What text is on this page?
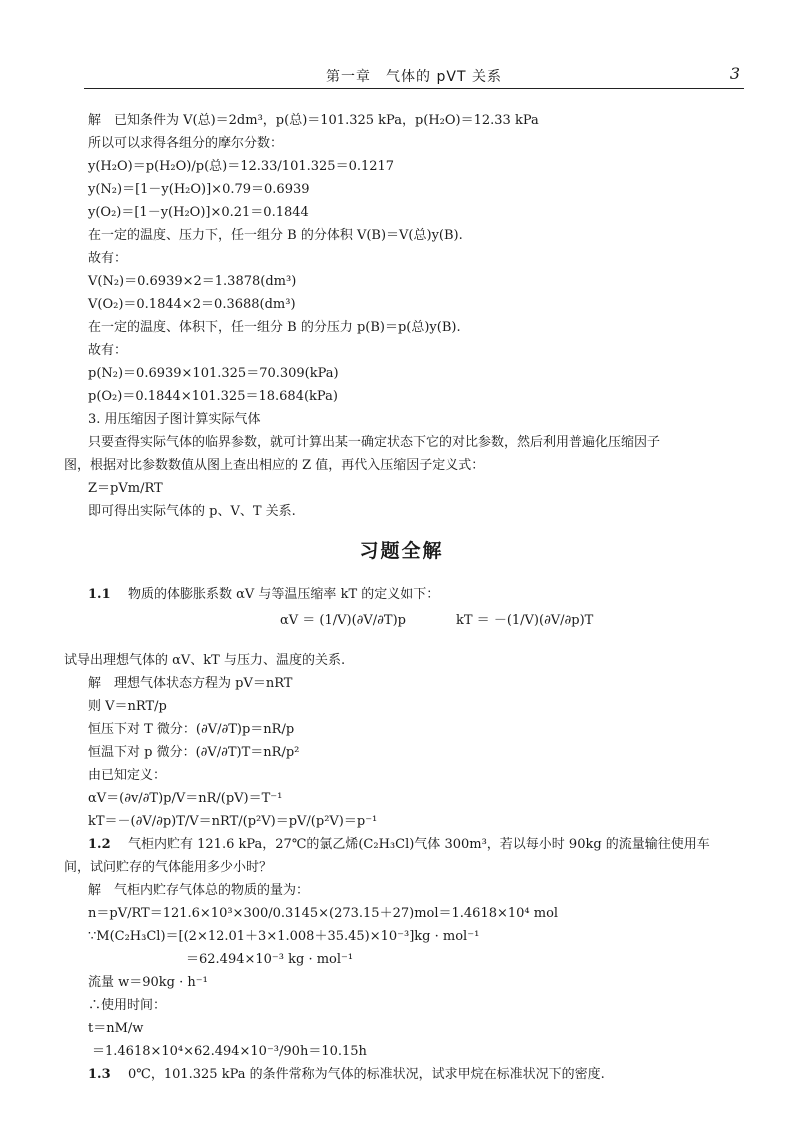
第一章　气体的 pVT 关系	3
解　已知条件为 V(总)＝2dm³，p(总)＝101.325 kPa，p(H₂O)＝12.33 kPa
所以可以求得各组分的摩尔分数：
y(H₂O)＝p(H₂O)/p(总)＝12.33/101.325＝0.1217
y(N₂)＝[1－y(H₂O)]×0.79＝0.6939
y(O₂)＝[1－y(H₂O)]×0.21＝0.1844
在一定的温度、压力下，任一组分 B 的分体积 V(B)＝V(总)y(B).
故有：
V(N₂)＝0.6939×2＝1.3878(dm³)
V(O₂)＝0.1844×2＝0.3688(dm³)
在一定的温度、体积下，任一组分 B 的分压力 p(B)＝p(总)y(B).
故有：
p(N₂)＝0.6939×101.325＝70.309(kPa)
p(O₂)＝0.1844×101.325＝18.684(kPa)
3. 用压缩因子图计算实际气体
只要查得实际气体的临界参数，就可计算出某一确定状态下它的对比参数，然后利用普遍化压缩因子
图，根据对比参数数值从图上查出相应的 Z 值，再代入压缩因子定义式：
Z＝pVm/RT
即可得出实际气体的 p、V、T 关系.
习题全解
1.1 物质的体膨胀系数 αV 与等温压缩率 kT 的定义如下：
αV ＝ (1/V)(∂V/∂T)p	kT ＝ －(1/V)(∂V/∂p)T
试导出理想气体的 αV、kT 与压力、温度的关系.
解　理想气体状态方程为 pV＝nRT
则 V＝nRT/p
恒压下对 T 微分：(∂V/∂T)p＝nR/p
恒温下对 p 微分：(∂V/∂T)T＝nR/p²
由已知定义：
αV＝(∂v/∂T)p/V＝nR/(pV)＝T⁻¹
kT＝－(∂V/∂p)T/V＝nRT/(p²V)＝pV/(p²V)＝p⁻¹
1.2 气柜内贮有 121.6 kPa，27℃的氯乙烯(C₂H₃Cl)气体 300m³，若以每小时 90kg 的流量输往使用车
间，试问贮存的气体能用多少小时？
解　气柜内贮存气体总的物质的量为：
n＝pV/RT＝121.6×10³×300/0.3145×(273.15＋27)mol＝1.4618×10⁴ mol
∵M(C₂H₃Cl)＝[(2×12.01＋3×1.008＋35.45)×10⁻³]kg · mol⁻¹
＝62.494×10⁻³ kg · mol⁻¹
流量 w＝90kg · h⁻¹
∴使用时间：
t＝nM/w
＝1.4618×10⁴×62.494×10⁻³/90h＝10.15h
1.3 0℃，101.325 kPa 的条件常称为气体的标准状况，试求甲烷在标准状况下的密度.
